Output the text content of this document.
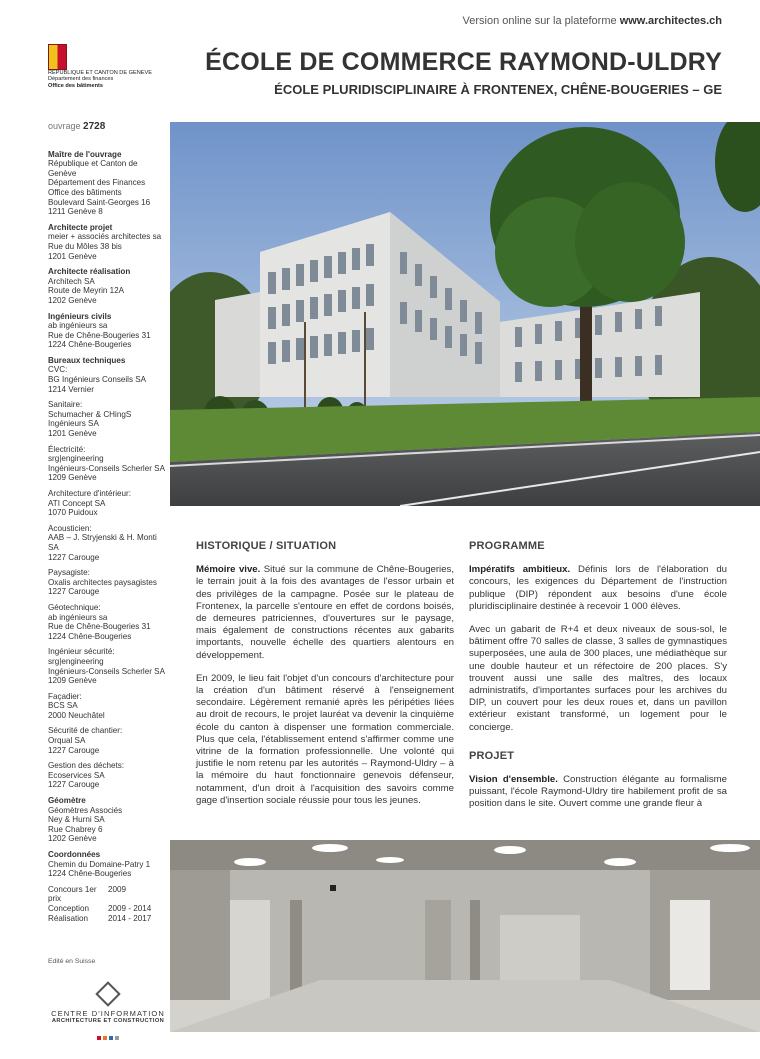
Version online sur la plateforme www.architectes.ch

REPUBLIQUE ET CANTON DE GENEVE
Département des finances
Office des bâtiments
ÉCOLE DE COMMERCE RAYMOND-ULDRY
ÉCOLE PLURIDISCIPLINAIRE À FRONTENEX, CHÊNE-BOUGERIES – GE
ouvrage 2728
Maître de l'ouvrage
République et Canton de Genève
Département des Finances
Office des bâtiments
Boulevard Saint-Georges 16
1211 Genève 8
Architecte projet
meier + associés architectes sa
Rue du Môles 38 bis
1201 Genève
Architecte réalisation
Architech SA
Route de Meyrin 12A
1202 Genève
Ingénieurs civils
ab ingénieurs sa
Rue de Chêne-Bougeries 31
1224 Chêne-Bougeries
Bureaux techniques
CVC:
BG Ingénieurs Conseils SA
1214 Vernier
Sanitaire:
Schumacher & CHingS
Ingénieurs SA
1201 Genève
Électricité:
srg|engineering
Ingénieurs-Conseils Scherler SA
1209 Genève
Architecture d'intérieur:
ATI Concept SA
1070 Puidoux
Acousticien:
AAB – J. Stryjenski & H. Monti SA
1227 Carouge
Paysagiste:
Oxalis architectes paysagistes
1227 Carouge
Géotechnique:
ab ingénieurs sa
Rue de Chêne-Bougeries 31
1224 Chêne-Bougeries
Ingénieur sécurité:
srg|engineering
Ingénieurs-Conseils Scherler SA
1209 Genève
Façadier:
BCS SA
2000 Neuchâtel
Sécurité de chantier:
Orqual SA
1227 Carouge
Gestion des déchets:
Ecoservices SA
1227 Carouge
Géomètre
Géomètres Associés
Ney & Hurni SA
Rue Chabrey 6
1202 Genève
Coordonnées
Chemin du Domaine-Patry 1
1224 Chêne-Bougeries
Concours 1er prix
2009
Conception	2009 - 2014
Réalisation	2014 - 2017
Edité en Suisse
CENTRE D'INFORMATION
ARCHITECTURE ET CONSTRUCTION
HISTORIQUE / SITUATION

Mémoire vive. Situé sur la commune de Chêne-Bougeries, le terrain jouit à la fois des avantages de l'essor urbain et des privilèges de la campagne. Posée sur le plateau de Frontenex, la parcelle s'entoure en effet de cordons boisés, de demeures patriciennes, d'ouvertures sur le paysage, mais également de constructions récentes aux gabarits importants, nouvelle échelle des quartiers alentours en développement.

En 2009, le lieu fait l'objet d'un concours d'architecture pour la création d'un bâtiment réservé à l'enseignement secondaire. Légèrement remanié après les péripéties liées au droit de recours, le projet lauréat va devenir la cinquième école du canton à dispenser une formation commerciale. Plus que cela, l'établissement entend s'affirmer comme une vitrine de la formation professionnelle. Une volonté qui justifie le nom retenu par les autorités – Raymond-Uldry – à la mémoire du haut fonctionnaire genevois défenseur, notamment, d'un droit à l'acquisition des savoirs comme gage d'insertion sociale réussie pour tous les jeunes.

PROGRAMME

Impératifs ambitieux. Définis lors de l'élaboration du concours, les exigences du Département de l'instruction publique (DIP) répondent aux besoins d'une école pluridisciplinaire destinée à recevoir 1 000 élèves.

Avec un gabarit de R+4 et deux niveaux de sous-sol, le bâtiment offre 70 salles de classe, 3 salles de gymnastiques superposées, une aula de 300 places, une médiathèque sur une double hauteur et un réfectoire de 200 places. S'y trouvent aussi une salle des maîtres, des locaux administratifs, d'importantes surfaces pour les archives du DIP, un couvert pour les deux roues et, dans un pavillon extérieur existant transformé, un logement pour le concierge.

PROJET

Vision d'ensemble. Construction élégante au formalisme puissant, l'école Raymond-Uldry tire habilement profit de sa position dans le site. Ouvert comme une grande fleur à
